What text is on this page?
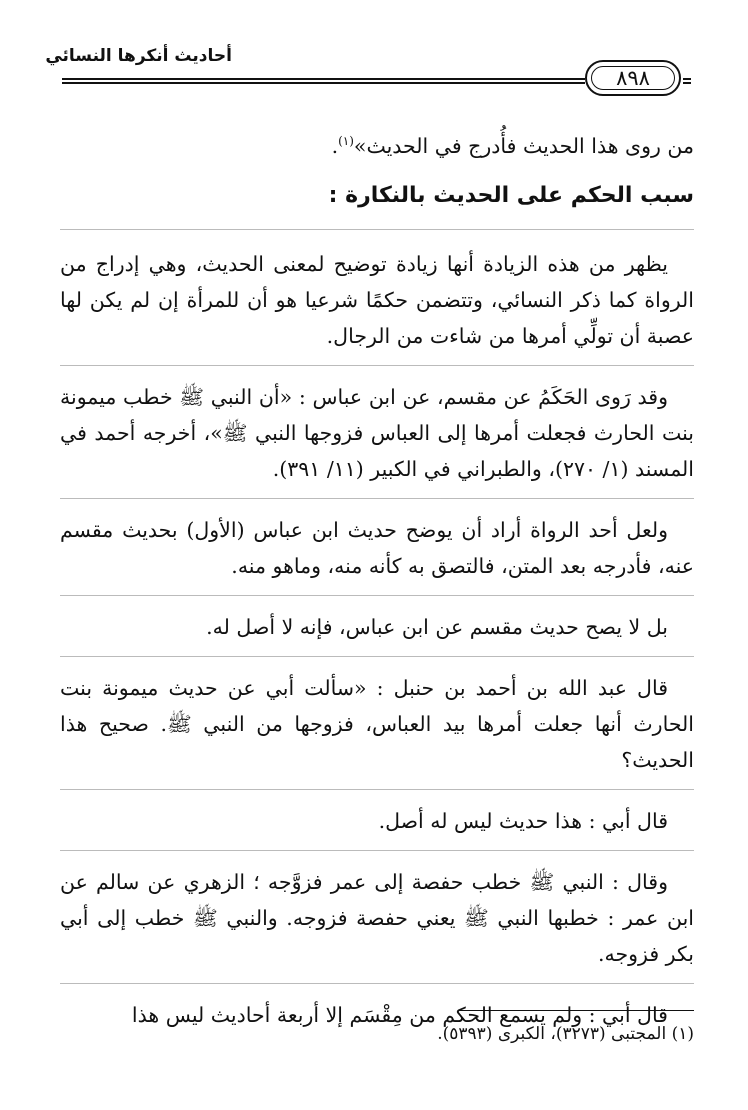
أحاديث أنكرها النسائي
٨٩٨

من روى هذا الحديث فأُدرج في الحديث»$^{(١)}$.

سبب الحكم على الحديث بالنكارة :

يظهر من هذه الزيادة أنها زيادة توضيح لمعنى الحديث، وهي إدراج من الرواة كما ذكر النسائي، وتتضمن حكمًا شرعيا هو أن للمرأة إن لم يكن لها عصبة أن تولِّي أمرها من شاءت من الرجال.

وقد رَوى الحَكَمُ عن مقسم، عن ابن عباس : «أن النبي ﷺ خطب ميمونة بنت الحارث فجعلت أمرها إلى العباس فزوجها النبي ﷺ»، أخرجه أحمد في المسند (١/ ٢٧٠)، والطبراني في الكبير (١١/ ٣٩١).

ولعل أحد الرواة أراد أن يوضح حديث ابن عباس (الأول) بحديث مقسم عنه، فأدرجه بعد المتن، فالتصق به كأنه منه، وماهو منه.

بل لا يصح حديث مقسم عن ابن عباس، فإنه لا أصل له.

قال عبد الله بن أحمد بن حنبل : «سألت أبي عن حديث ميمونة بنت الحارث أنها جعلت أمرها بيد العباس، فزوجها من النبي ﷺ. صحيح هذا الحديث؟

قال أبي : هذا حديث ليس له أصل.

وقال : النبي ﷺ خطب حفصة إلى عمر فزوَّجه ؛ الزهري عن سالم عن ابن عمر : خطبها النبي ﷺ يعني حفصة فزوجه. والنبي ﷺ خطب إلى أبي بكر فزوجه.

قال أبي : ولم يسمع الحكم من مِقْسَم إلا أربعة أحاديث ليس هذا

(١) المجتبى (٣٢٧٣)، الكبرى (٥٣٩٣).
